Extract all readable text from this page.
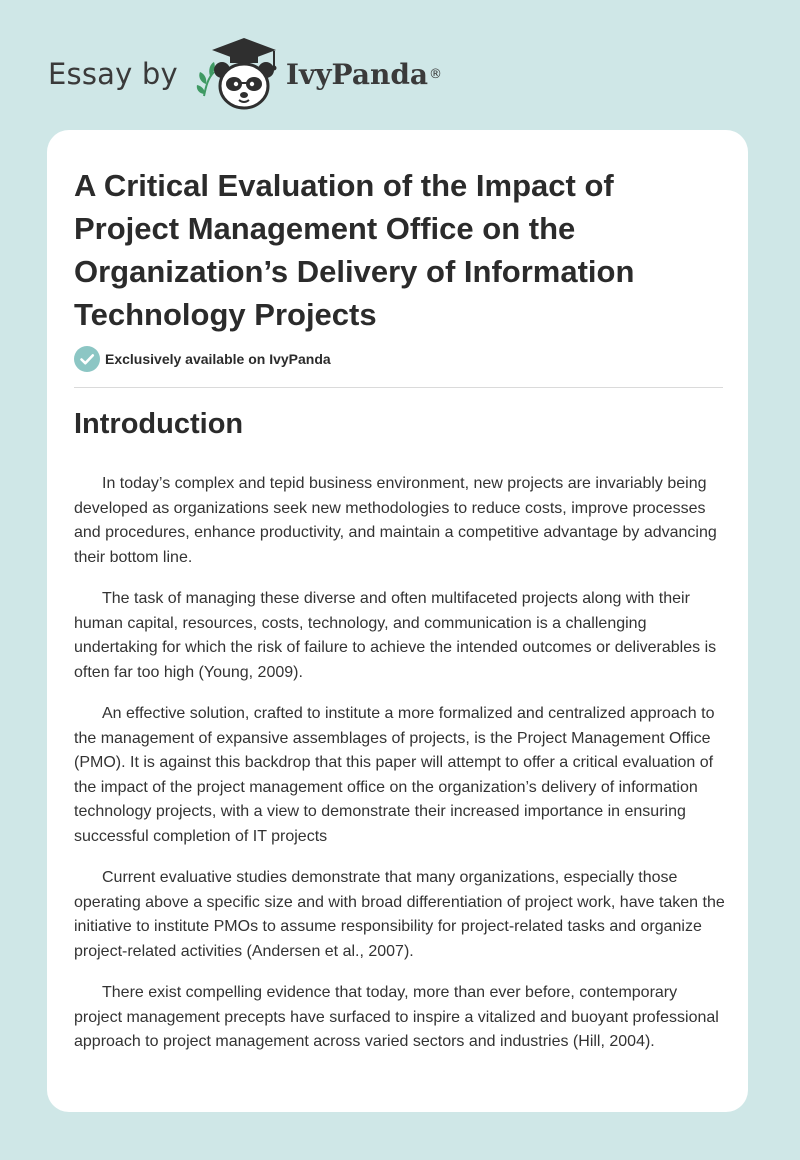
Essay by	IvyPanda ®
A Critical Evaluation of the Impact of Project Management Office on the Organization’s Delivery of Information Technology Projects
Exclusively available on IvyPanda
Introduction

In today’s complex and tepid business environment, new projects are invariably being developed as organizations seek new methodologies to reduce costs, improve processes and procedures, enhance productivity, and maintain a competitive advantage by advancing their bottom line.

The task of managing these diverse and often multifaceted projects along with their human capital, resources, costs, technology, and communication is a challenging undertaking for which the risk of failure to achieve the intended outcomes or deliverables is often far too high (Young, 2009).

An effective solution, crafted to institute a more formalized and centralized approach to the management of expansive assemblages of projects, is the Project Management Office (PMO). It is against this backdrop that this paper will attempt to offer a critical evaluation of the impact of the project management office on the organization’s delivery of information technology projects, with a view to demonstrate their increased importance in ensuring successful completion of IT projects

Current evaluative studies demonstrate that many organizations, especially those operating above a specific size and with broad differentiation of project work, have taken the initiative to institute PMOs to assume responsibility for project-related tasks and organize project-related activities (Andersen et al., 2007).

There exist compelling evidence that today, more than ever before, contemporary project management precepts have surfaced to inspire a vitalized and buoyant professional approach to project management across varied sectors and industries (Hill, 2004).
